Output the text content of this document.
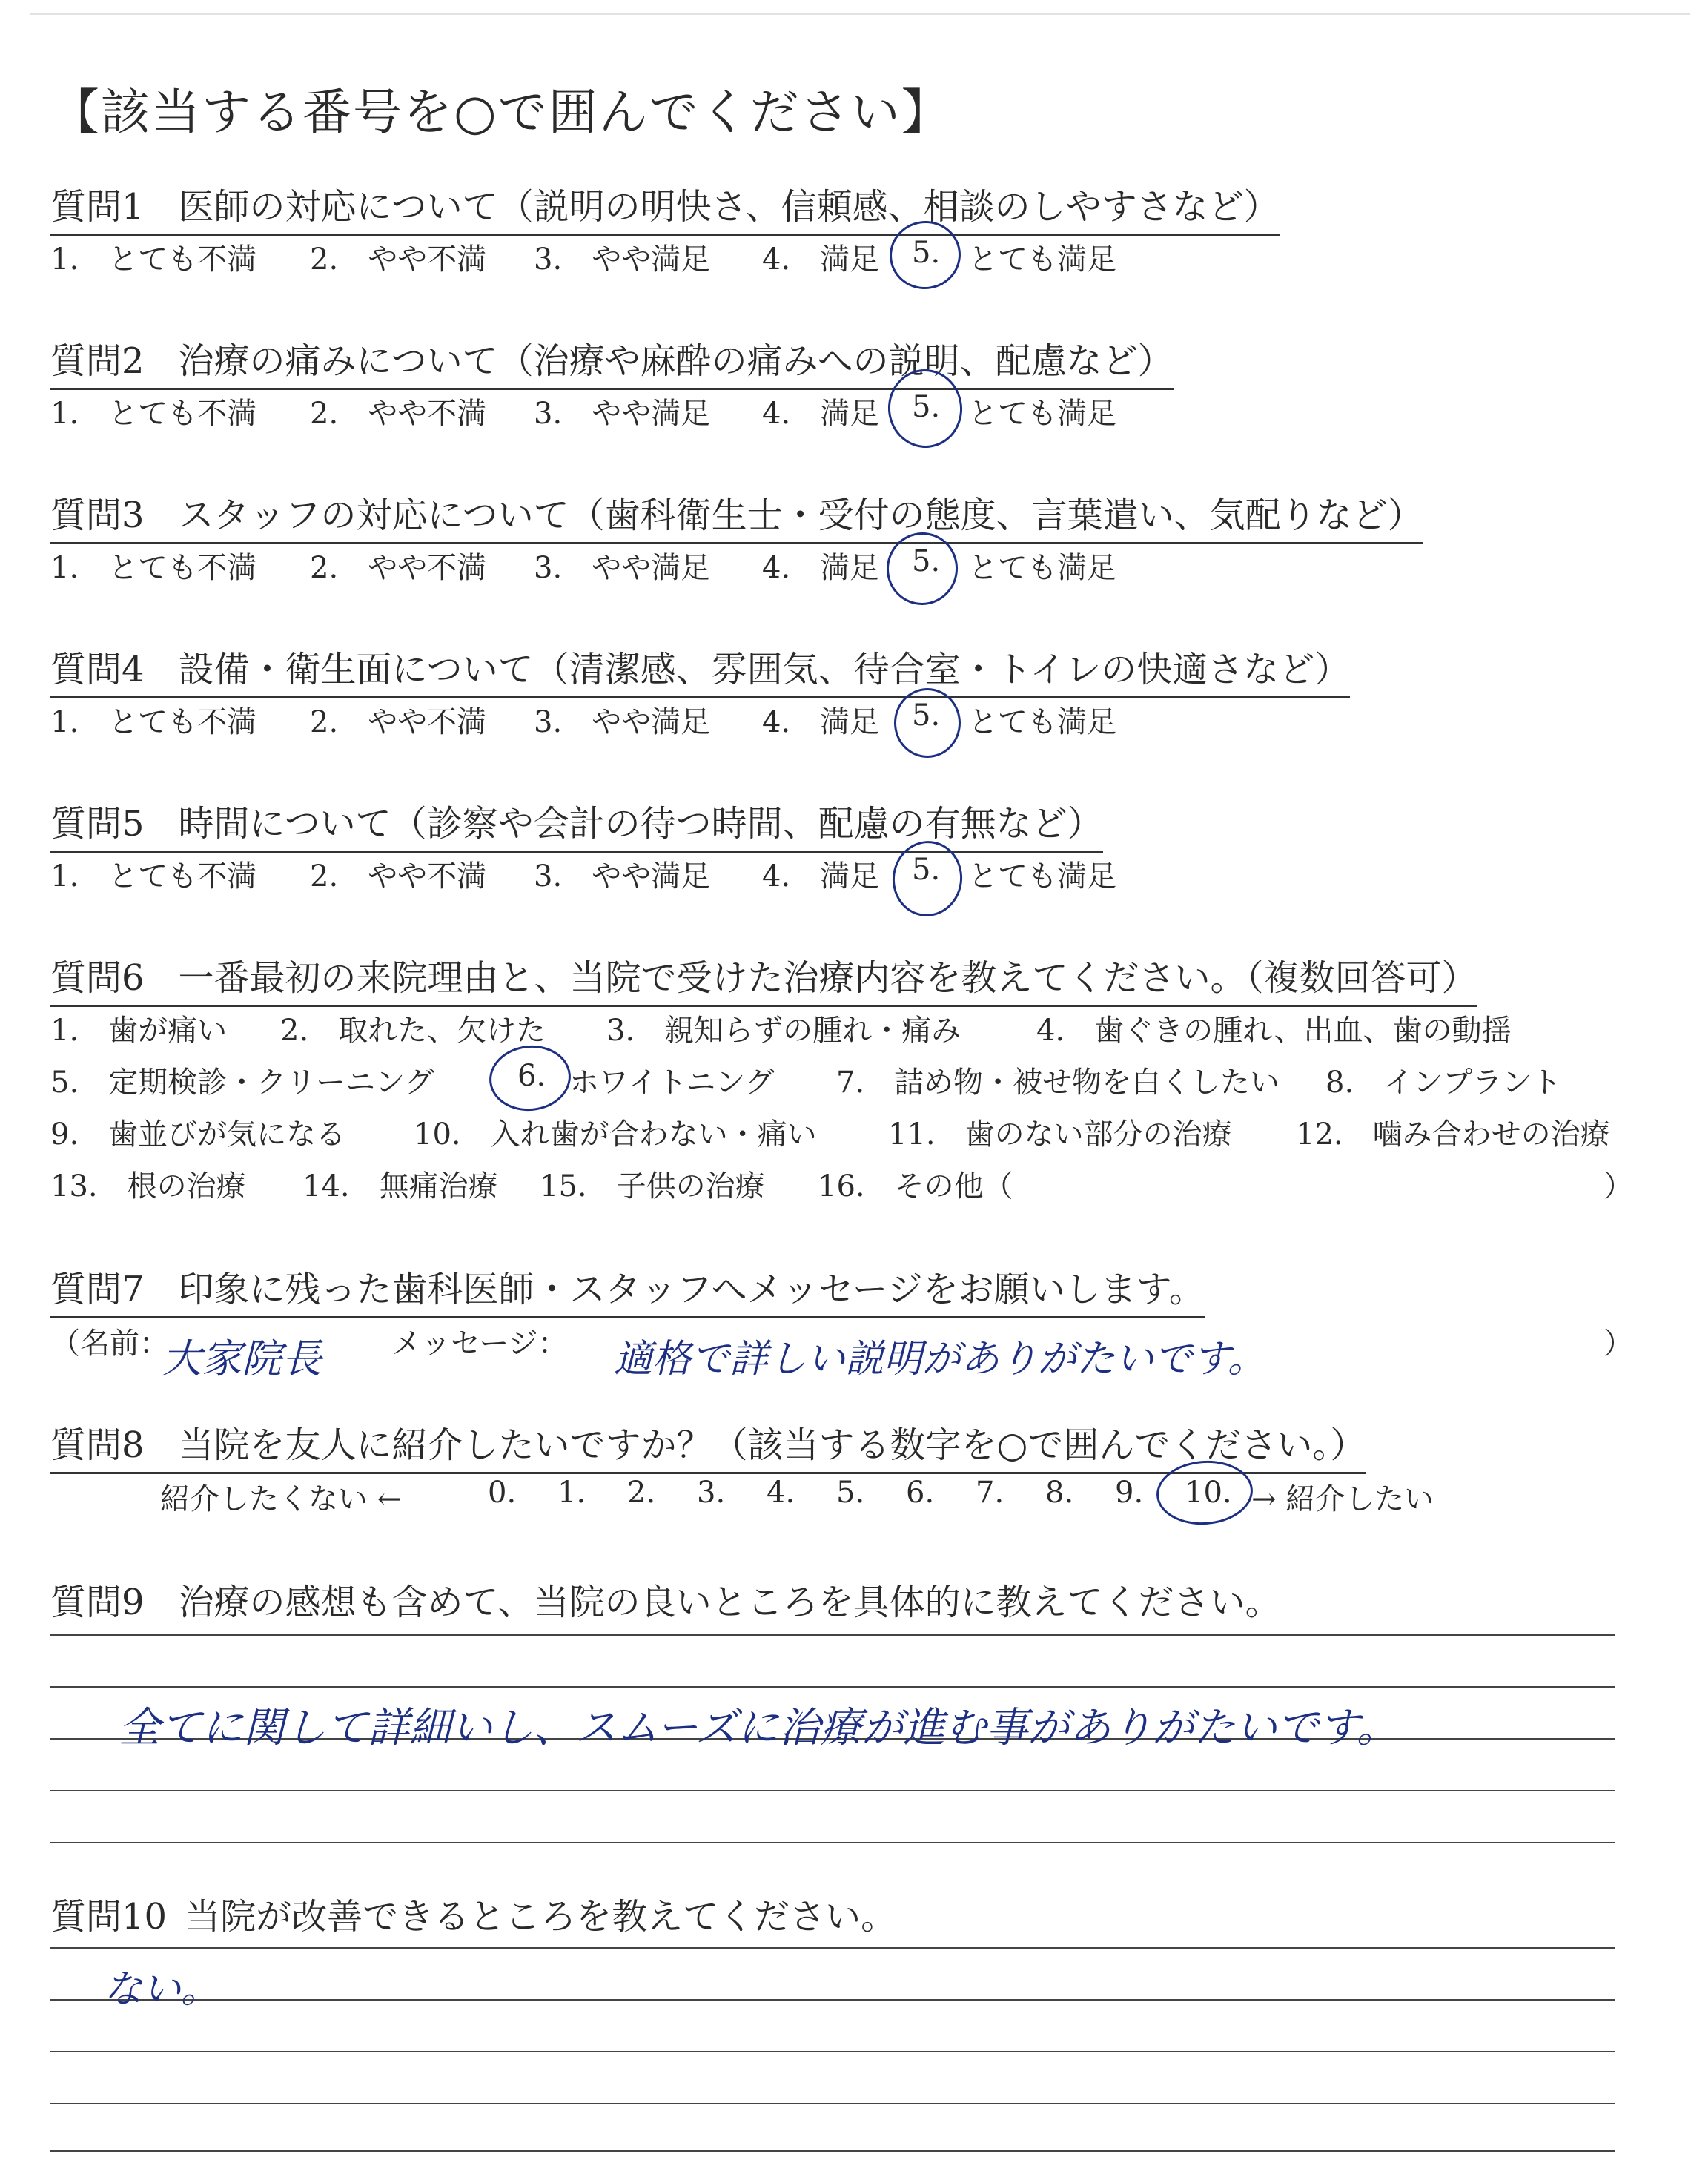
【該当する番号を○で囲んでください】
質問1 医師の対応について（説明の明快さ、信頼感、相談のしやすさなど）
1.　とても不満 2.　やや不満 3.　やや満足 4.　満足 5. とても満足
質問2 治療の痛みについて（治療や麻酔の痛みへの説明、配慮など）
1.　とても不満 2.　やや不満 3.　やや満足 4.　満足 5. とても満足
質問3 スタッフの対応について（歯科衛生士・受付の態度、言葉遣い、気配りなど）
1.　とても不満 2.　やや不満 3.　やや満足 4.　満足 5. とても満足
質問4 設備・衛生面について（清潔感、雰囲気、待合室・トイレの快適さなど）
1.　とても不満 2.　やや不満 3.　やや満足 4.　満足 5. とても満足
質問5 時間について（診察や会計の待つ時間、配慮の有無など）
1.　とても不満 2.　やや不満 3.　やや満足 4.　満足 5. とても満足
質問6 一番最初の来院理由と、当院で受けた治療内容を教えてください。（複数回答可）
1.　歯が痛い 2.　取れた、欠けた 3.　親知らずの腫れ・痛み	4.　歯ぐきの腫れ、出血、歯の動揺
5.　定期検診・クリーニング	6. ホワイトニング 7.　詰め物・被せ物を白くしたい 8.　インプラント
9.　歯並びが気になる 10.　入れ歯が合わない・痛い 11.　歯のない部分の治療 12.　噛み合わせの治療
13.　根の治療 14.　無痛治療 15.　子供の治療 16.　その他（	）
質問7 印象に残った歯科医師・スタッフへメッセージをお願いします。
（名前：
大家院長 メッセージ： 適格で詳しい説明がありがたいです。	）
質問8 当院を友人に紹介したいですか？（該当する数字を○で囲んでください。）
紹介したくない ←	0. 1. 2. 3. 4. 5. 6. 7. 8. 9. 10. → 紹介したい
質問9 治療の感想も含めて、当院の良いところを具体的に教えてください。
全てに関して詳細いし、スムーズに治療が進む事がありがたいです。
質問10 当院が改善できるところを教えてください。
ない。
